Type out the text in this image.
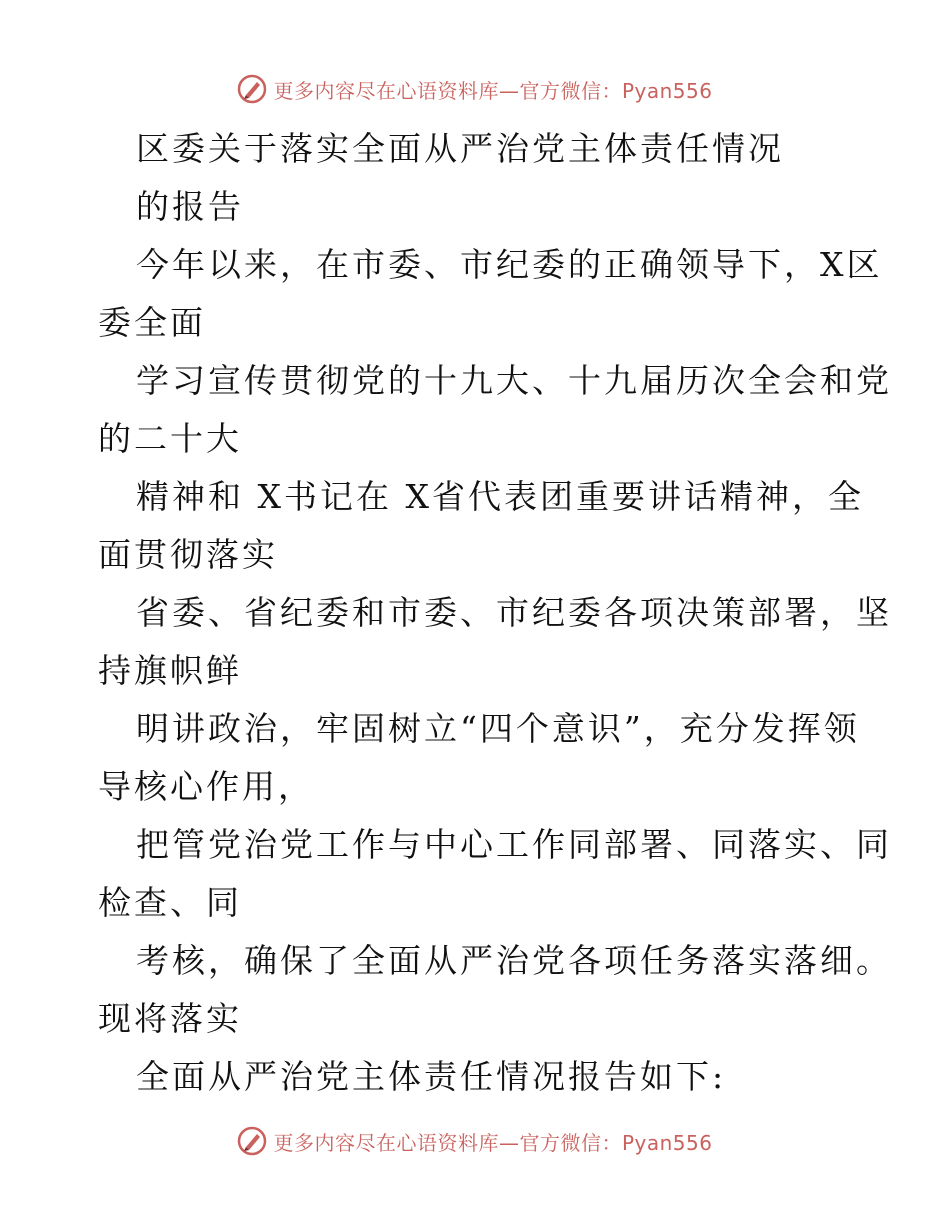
更多内容尽在心语资料库—官方微信：Pyan556
区委关于落实全面从严治党主体责任情况
的报告
今年以来，在市委、市纪委的正确领导下，X区
委全面
学习宣传贯彻党的十九大、十九届历次全会和党
的二十大
精神和 X书记在 X省代表团重要讲话精神，全
面贯彻落实
省委、省纪委和市委、市纪委各项决策部署，坚
持旗帜鲜
明讲政治，牢固树立“四个意识”，充分发挥领
导核心作用，
把管党治党工作与中心工作同部署、同落实、同
检查、同
考核，确保了全面从严治党各项任务落实落细。
现将落实
全面从严治党主体责任情况报告如下:
更多内容尽在心语资料库—官方微信：Pyan556
